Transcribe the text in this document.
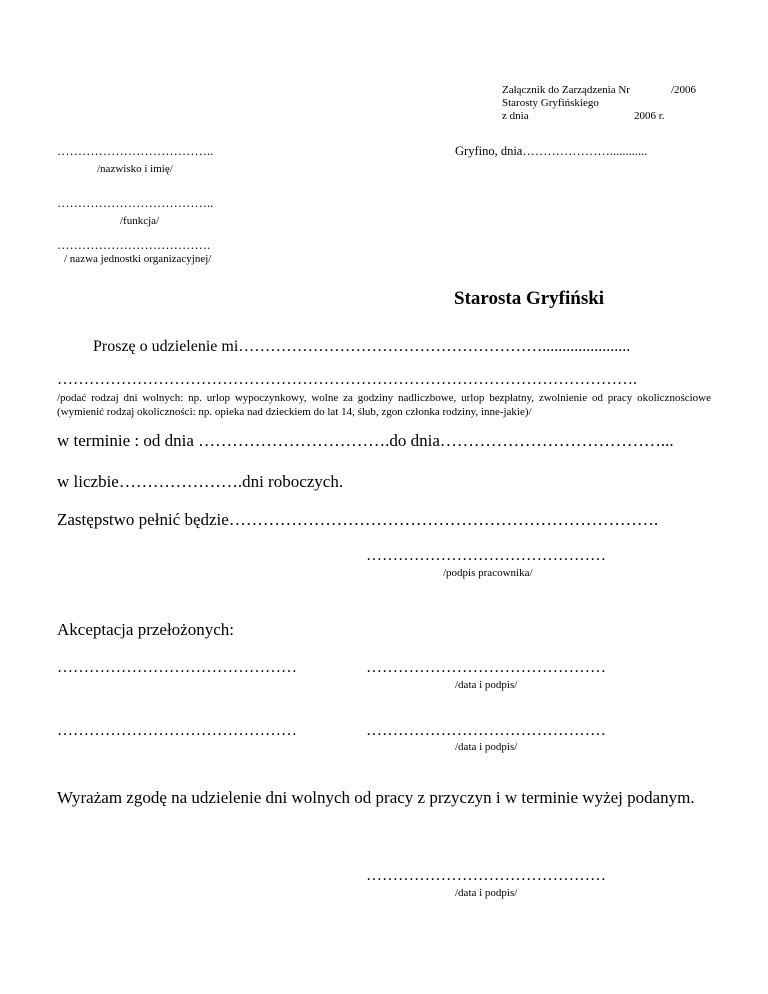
Załącznik do Zarządzenia Nr	/2006
Starosty Gryfińskiego
z dnia	2006 r.
………………………………..
/nazwisko i imię/
………………………………..
/funkcja/
……………………………….
/ nazwa jednostki organizacyjnej/
Gryfino, dnia…………………............
Starosta Gryfiński
Proszę o udzielenie mi…………………………………………………......................
……………………………………………………………………………………………….
/podać rodzaj dni wolnych: np. urlop wypoczynkowy, wolne za godziny nadliczbowe, urlop bezpłatny, zwolnienie od pracy okolicznościowe (wymienić rodzaj okoliczności: np. opieka nad dzieckiem do lat 14, ślub, zgon członka rodziny, inne-jakie)/
w terminie : od dnia …………………………….do dnia…………………………………...
w liczbie………………….dni roboczych.
Zastępstwo pełnić będzie………………………………………………………………….
………………………………………
/podpis pracownika/
Akceptacja przełożonych:
………………………………………	………………………………………
/data i podpis/
………………………………………	………………………………………
/data i podpis/
Wyrażam zgodę na udzielenie dni wolnych od pracy z przyczyn i w terminie wyżej podanym.
………………………………………
/data i podpis/
